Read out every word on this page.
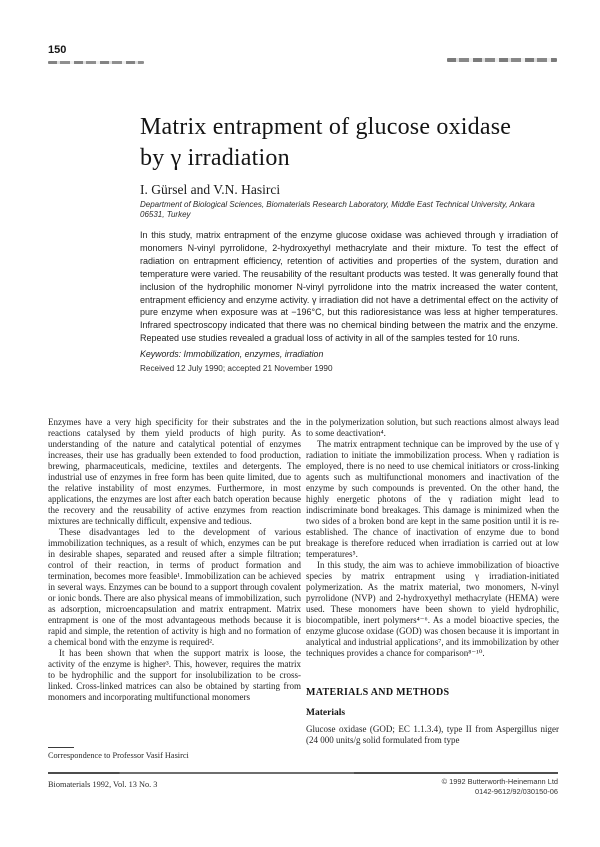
150
Matrix entrapment of glucose oxidase
by γ irradiation
I. Gürsel and V.N. Hasirci
Department of Biological Sciences, Biomaterials Research Laboratory, Middle East Technical University, Ankara 06531, Turkey
In this study, matrix entrapment of the enzyme glucose oxidase was achieved through γ irradiation of monomers N-vinyl pyrrolidone, 2-hydroxyethyl methacrylate and their mixture. To test the effect of radiation on entrapment efficiency, retention of activities and properties of the system, duration and temperature were varied. The reusability of the resultant products was tested. It was generally found that inclusion of the hydrophilic monomer N-vinyl pyrrolidone into the matrix increased the water content, entrapment efficiency and enzyme activity. γ irradiation did not have a detrimental effect on the activity of pure enzyme when exposure was at −196°C, but this radioresistance was less at higher temperatures. Infrared spectroscopy indicated that there was no chemical binding between the matrix and the enzyme. Repeated use studies revealed a gradual loss of activity in all of the samples tested for 10 runs.
Keywords: Immobilization, enzymes, irradiation
Received 12 July 1990; accepted 21 November 1990

Enzymes have a very high specificity for their substrates and the reactions catalysed by them yield products of high purity. As understanding of the nature and catalytical potential of enzymes increases, their use has gradually been extended to food production, brewing, pharmaceuticals, medicine, textiles and detergents. The industrial use of enzymes in free form has been quite limited, due to the relative instability of most enzymes. Furthermore, in most applications, the enzymes are lost after each batch operation because the recovery and the reusability of active enzymes from reaction mixtures are technically difficult, expensive and tedious.

These disadvantages led to the development of various immobilization techniques, as a result of which, enzymes can be put in desirable shapes, separated and reused after a simple filtration; control of their reaction, in terms of product formation and termination, becomes more feasible¹. Immobilization can be achieved in several ways. Enzymes can be bound to a support through covalent or ionic bonds. There are also physical means of immobilization, such as adsorption, microencapsulation and matrix entrapment. Matrix entrapment is one of the most advantageous methods because it is rapid and simple, the retention of activity is high and no formation of a chemical bond with the enzyme is required².

It has been shown that when the support matrix is loose, the activity of the enzyme is higher³. This, however, requires the matrix to be hydrophilic and the support for insolubilization to be cross-linked. Cross-linked matrices can also be obtained by starting from monomers and incorporating multifunctional monomers

in the polymerization solution, but such reactions almost always lead to some deactivation⁴.

The matrix entrapment technique can be improved by the use of γ radiation to initiate the immobilization process. When γ radiation is employed, there is no need to use chemical initiators or cross-linking agents such as multifunctional monomers and inactivation of the enzyme by such compounds is prevented. On the other hand, the highly energetic photons of the γ radiation might lead to indiscriminate bond breakages. This damage is minimized when the two sides of a broken bond are kept in the same position until it is re-established. The chance of inactivation of enzyme due to bond breakage is therefore reduced when irradiation is carried out at low temperatures⁵.

In this study, the aim was to achieve immobilization of bioactive species by matrix entrapment using γ irradiation-initiated polymerization. As the matrix material, two monomers, N-vinyl pyrrolidone (NVP) and 2-hydroxyethyl methacrylate (HEMA) were used. These monomers have been shown to yield hydrophilic, biocompatible, inert polymers⁴⁻⁶. As a model bioactive species, the enzyme glucose oxidase (GOD) was chosen because it is important in analytical and industrial applications⁷, and its immobilization by other techniques provides a chance for comparison⁸⁻¹⁰.

MATERIALS AND METHODS
Materials

Glucose oxidase (GOD; EC 1.1.3.4), type II from Aspergillus niger (24 000 units/g solid formulated from type

Correspondence to Professor Vasif Hasirci
Biomaterials 1992, Vol. 13 No. 3	© 1992 Butterworth-Heinemann Ltd
0142-9612/92/030150-06
